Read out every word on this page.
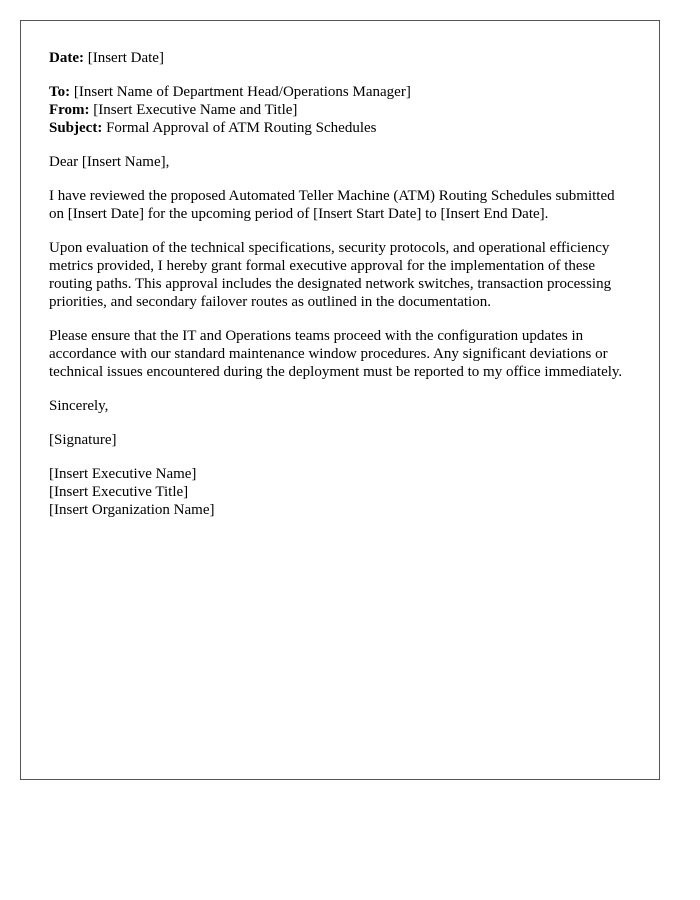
Date: [Insert Date]

To: [Insert Name of Department Head/Operations Manager]
From: [Insert Executive Name and Title]
Subject: Formal Approval of ATM Routing Schedules

Dear [Insert Name],

I have reviewed the proposed Automated Teller Machine (ATM) Routing Schedules submitted on [Insert Date] for the upcoming period of [Insert Start Date] to [Insert End Date].

Upon evaluation of the technical specifications, security protocols, and operational efficiency metrics provided, I hereby grant formal executive approval for the implementation of these routing paths. This approval includes the designated network switches, transaction processing priorities, and secondary failover routes as outlined in the documentation.

Please ensure that the IT and Operations teams proceed with the configuration updates in accordance with our standard maintenance window procedures. Any significant deviations or technical issues encountered during the deployment must be reported to my office immediately.

Sincerely,

[Signature]

[Insert Executive Name]
[Insert Executive Title]
[Insert Organization Name]
